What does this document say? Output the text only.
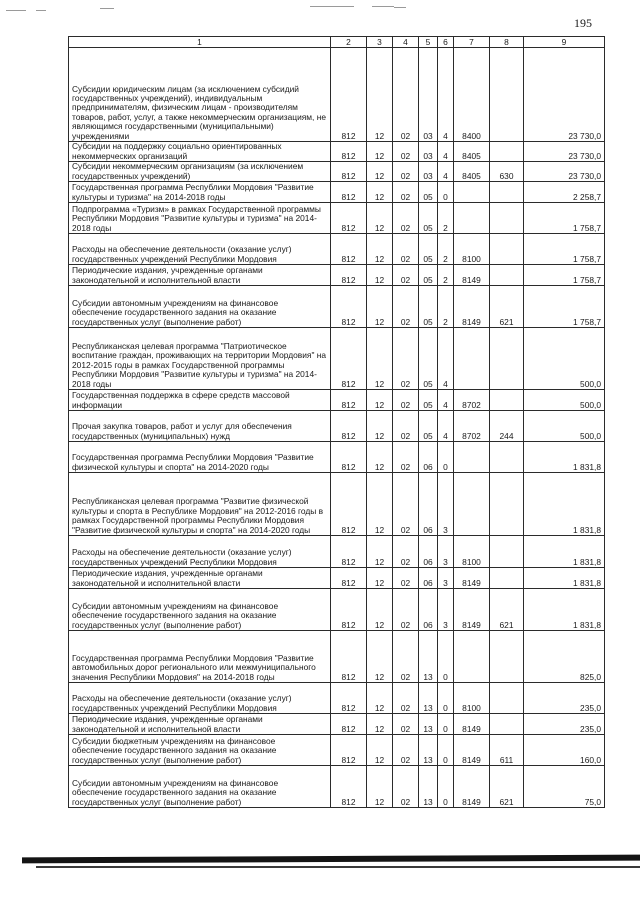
195
1	2	3	4	5	6	7	8	9
Субсидии юридическим лицам (за исключением субсидий государственных учреждений), индивидуальным предпринимателям, физическим лицам - производителям товаров, работ, услуг, а также некоммерческим организациям, не являющимся государственными (муниципальными) учреждениями	812	12	02	03	4	8400		23 730,0
Субсидии на поддержку социально ориентированных некоммерческих организаций	812	12	02	03	4	8405		23 730,0
Субсидии некоммерческим организациям (за исключением государственных учреждений)	812	12	02	03	4	8405	630	23 730,0
Государственная программа Республики Мордовия "Развитие культуры и туризма" на 2014-2018 годы	812	12	02	05	0			2 258,7
Подпрограмма «Туризм» в рамках Государственной программы Республики Мордовия "Развитие культуры и туризма" на 2014-2018 годы	812	12	02	05	2			1 758,7
Расходы на обеспечение деятельности (оказание услуг) государственных учреждений Республики Мордовия	812	12	02	05	2	8100		1 758,7
Периодические издания, учрежденные органами законодательной и исполнительной власти	812	12	02	05	2	8149		1 758,7
Субсидии автономным учреждениям на финансовое обеспечение государственного задания на оказание государственных услуг (выполнение работ)	812	12	02	05	2	8149	621	1 758,7
Республиканская целевая программа "Патриотическое воспитание граждан, проживающих на территории Мордовия" на 2012-2015 годы в рамках Государственной программы Республики Мордовия "Развитие культуры и туризма" на 2014-2018 годы	812	12	02	05	4			500,0
Государственная поддержка в сфере средств массовой информации	812	12	02	05	4	8702		500,0
Прочая закупка товаров, работ и услуг для обеспечения государственных (муниципальных) нужд	812	12	02	05	4	8702	244	500,0
Государственная программа Республики Мордовия "Развитие физической культуры и спорта" на 2014-2020 годы	812	12	02	06	0			1 831,8
Республиканская целевая программа "Развитие физической культуры и спорта в Республике Мордовия" на 2012-2016 годы в рамках Государственной программы Республики Мордовия "Развитие физической культуры и спорта" на 2014-2020 годы	812	12	02	06	3			1 831,8
Расходы на обеспечение деятельности (оказание услуг) государственных учреждений Республики Мордовия	812	12	02	06	3	8100		1 831,8
Периодические издания, учрежденные органами законодательной и исполнительной власти	812	12	02	06	3	8149		1 831,8
Субсидии автономным учреждениям на финансовое обеспечение государственного задания на оказание государственных услуг (выполнение работ)	812	12	02	06	3	8149	621	1 831,8
Государственная программа Республики Мордовия "Развитие автомобильных дорог регионального или межмуниципального значения Республики Мордовия" на 2014-2018 годы	812	12	02	13	0			825,0
Расходы на обеспечение деятельности (оказание услуг) государственных учреждений Республики Мордовия	812	12	02	13	0	8100		235,0
Периодические издания, учрежденные органами законодательной и исполнительной власти	812	12	02	13	0	8149		235,0
Субсидии бюджетным учреждениям на финансовое обеспечение государственного задания на оказание государственных услуг (выполнение работ)	812	12	02	13	0	8149	611	160,0
Субсидии автономным учреждениям на финансовое обеспечение государственного задания на оказание государственных услуг (выполнение работ)	812	12	02	13	0	8149	621	75,0
